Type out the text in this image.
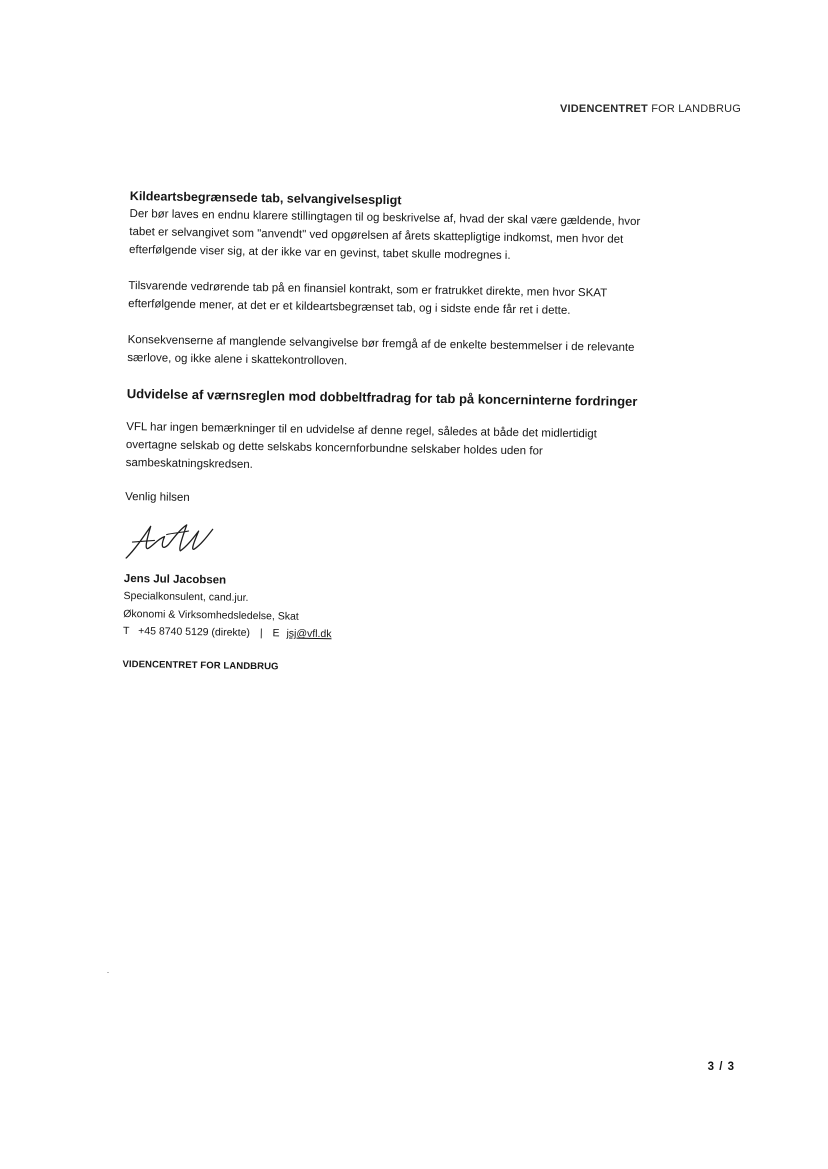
VIDENCENTRET FOR LANDBRUG

Kildeartsbegrænsede tab, selvangivelsespligt

Der bør laves en endnu klarere stillingtagen til og beskrivelse af, hvad der skal være gældende, hvor tabet er selvangivet som "anvendt" ved opgørelsen af årets skattepligtige indkomst, men hvor det efterfølgende viser sig, at der ikke var en gevinst, tabet skulle modregnes i.

Tilsvarende vedrørende tab på en finansiel kontrakt, som er fratrukket direkte, men hvor SKAT efterfølgende mener, at det er et kildeartsbegrænset tab, og i sidste ende får ret i dette.

Konsekvenserne af manglende selvangivelse bør fremgå af de enkelte bestemmelser i de relevante særlove, og ikke alene i skattekontrolloven.

Udvidelse af værnsreglen mod dobbeltfradrag for tab på koncerninterne fordringer

VFL har ingen bemærkninger til en udvidelse af denne regel, således at både det midlertidigt overtagne selskab og dette selskabs koncernforbundne selskaber holdes uden for sambeskatningskredsen.

Venlig hilsen

Jens Jul Jacobsen
Specialkonsulent, cand.jur.
Økonomi & Virksomhedsledelse, Skat
T +45 8740 5129 (direkte) | E jsj@vfl.dk
VIDENCENTRET FOR LANDBRUG
3 / 3
